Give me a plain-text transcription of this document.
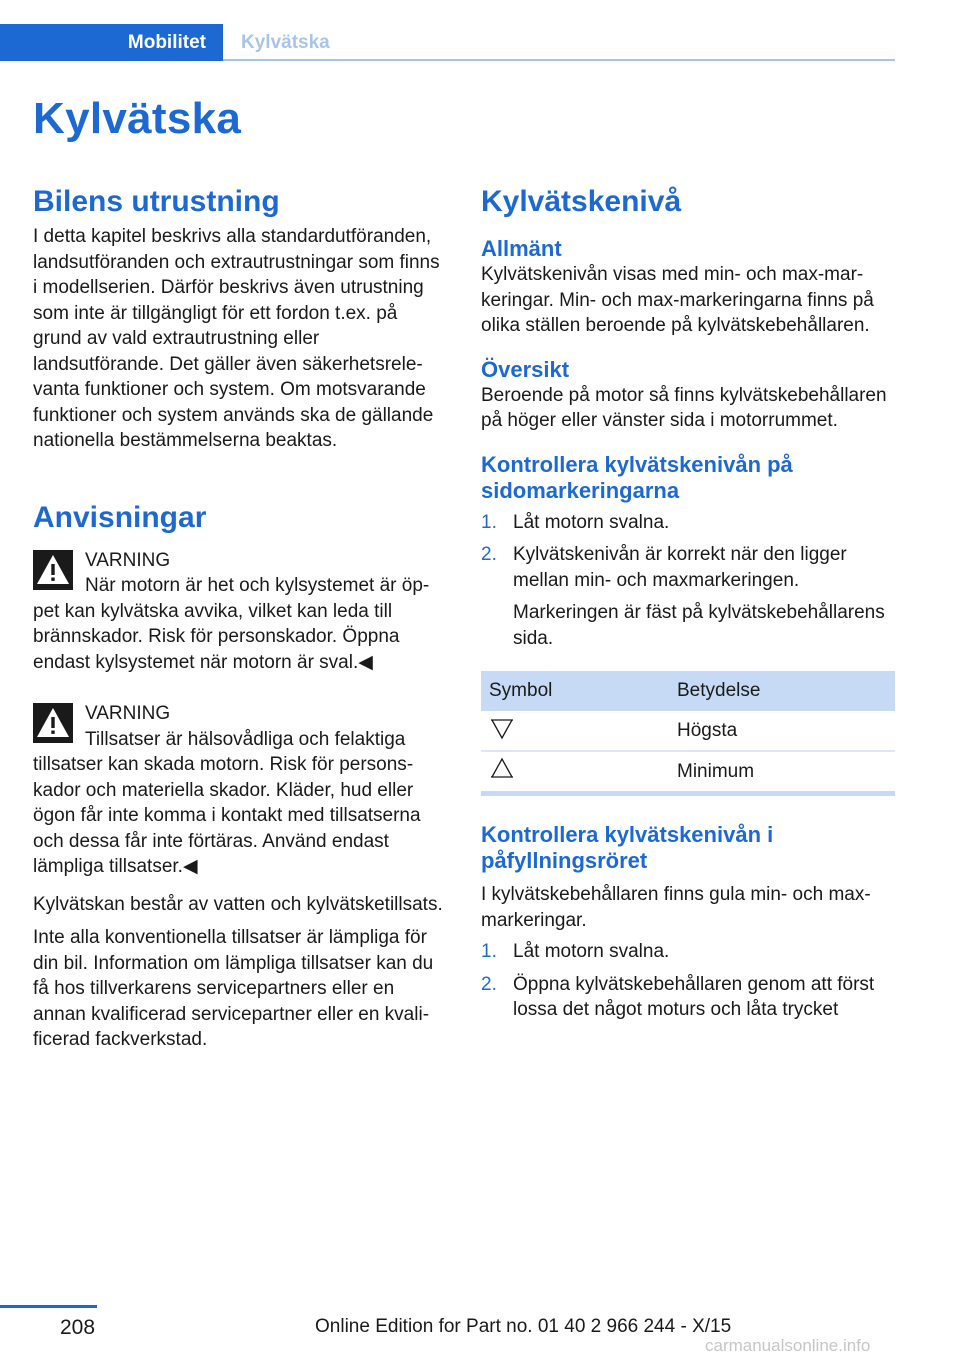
Mobilitet	Kylvätska
Kylvätska
Bilens utrustning

I detta kapitel beskrivs alla standardutföranden, landsutföranden och extrautrustningar som finns i modellserien. Därför beskrivs även utrustning som inte är tillgängligt för ett fordon t.ex. på grund av vald extrautrustning eller landsutförande. Det gäller även säkerhetsrelevanta funktioner och system. Om motsvarande funktioner och system används ska de gällande nationella bestämmelserna beaktas.

Anvisningar

VARNING

När motorn är het och kylsystemet är öppet kan kylvätska avvika, vilket kan leda till brännskador. Risk för personskador. Öppna endast kylsystemet när motorn är sval.◀

VARNING

Tillsatser är hälsovådliga och felaktiga tillsatser kan skada motorn. Risk för personskador och materiella skador. Kläder, hud eller ögon får inte komma i kontakt med tillsatserna och dessa får inte förtäras. Använd endast lämpliga tillsatser.◀

Kylvätskan består av vatten och kylvätsketillsats.

Inte alla konventionella tillsatser är lämpliga för din bil. Information om lämpliga tillsatser kan du få hos tillverkarens servicepartners eller en annan kvalificerad servicepartner eller en kvalificerad fackverkstad.

Kylvätskenivå
Allmänt

Kylvätskenivån visas med min- och max-markeringar. Min- och max-markeringarna finns på olika ställen beroende på kylvätskebehållaren.

Översikt

Beroende på motor så finns kylvätskebehållaren på höger eller vänster sida i motorrummet.

Kontrollera kylvätskenivån på sidomarkeringarna
1. Låt motorn svalna.
2. Kylvätskenivån är korrekt när den ligger mellan min- och maxmarkeringen.

Markeringen är fäst på kylvätskebehållarens sida.

Symbol	Betydelse
	Högsta
	Minimum
Kontrollera kylvätskenivån i påfyllningsröret

I kylvätskebehållaren finns gula min- och maxmarkeringar.

1. Låt motorn svalna.
2. Öppna kylvätskebehållaren genom att först lossa det något moturs och låta trycket
208	Online Edition for Part no. 01 40 2 966 244 - X/15
carmanualsonline.info
